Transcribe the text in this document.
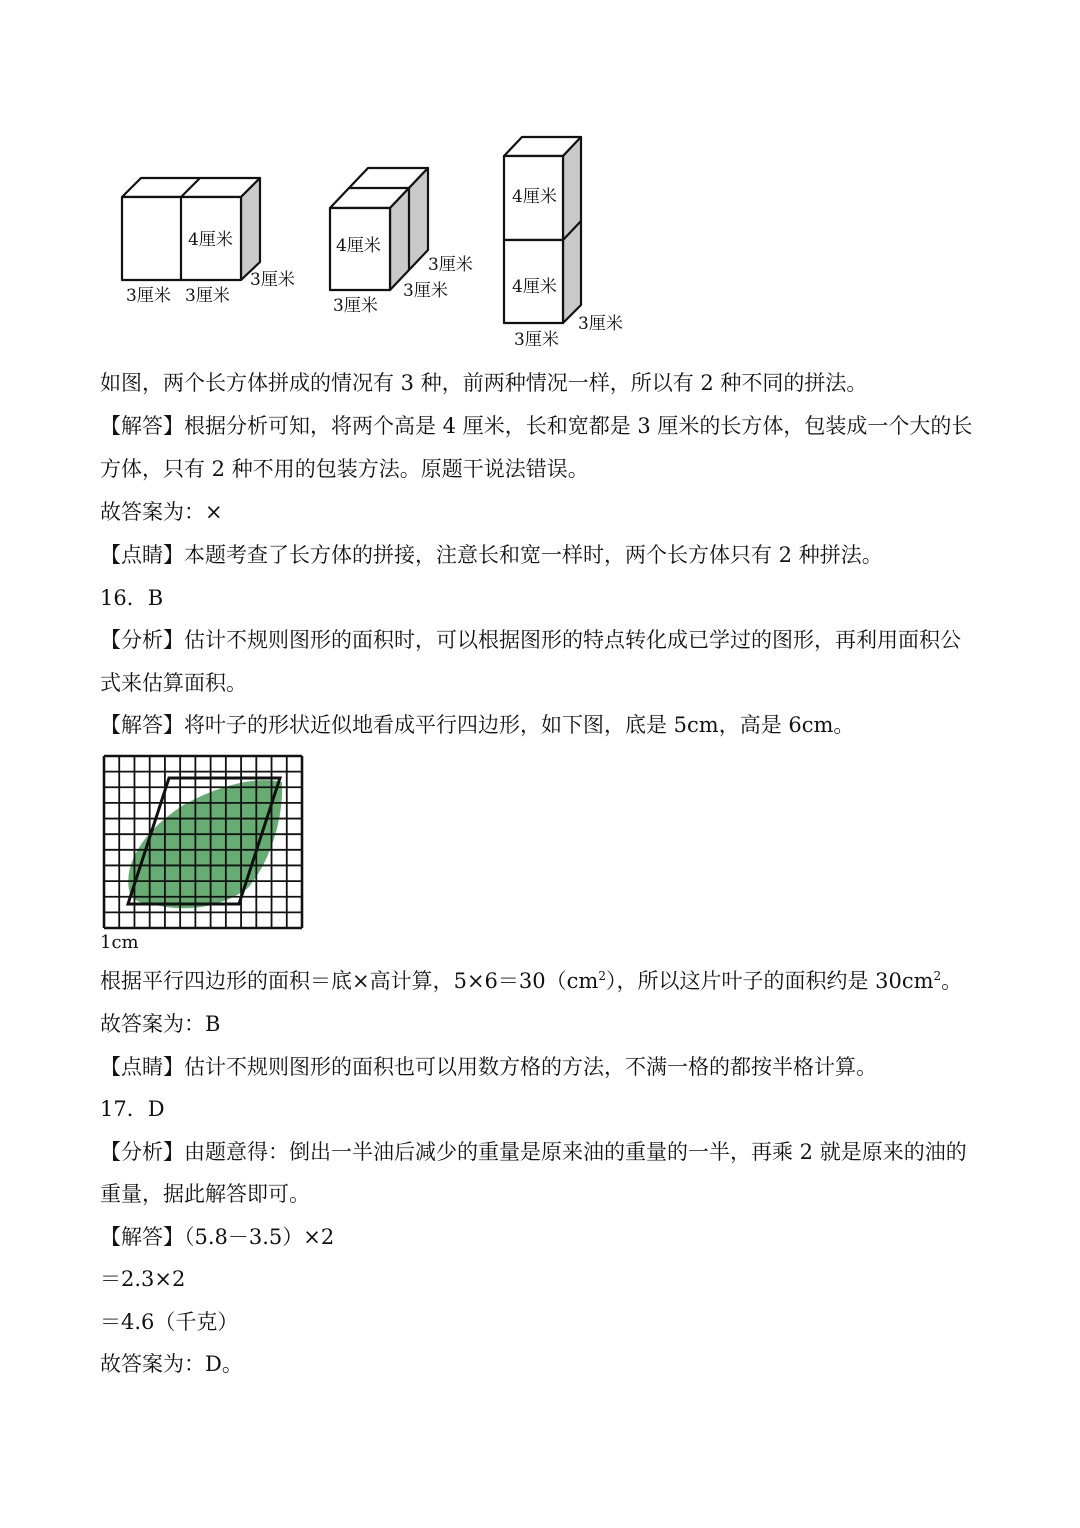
4厘米
3厘米 3厘米
3厘米
4厘米
3厘米
3厘米
3厘米
4厘米
4厘米
3厘米
3厘米

如图，两个长方体拼成的情况有 3 种，前两种情况一样，所以有 2 种不同的拼法。

【解答】根据分析可知，将两个高是 4 厘米，长和宽都是 3 厘米的长方体，包装成一个大的长

方体，只有 2 种不用的包装方法。原题干说法错误。

故答案为：×

【点睛】本题考查了长方体的拼接，注意长和宽一样时，两个长方体只有 2 种拼法。

16．B

【分析】估计不规则图形的面积时，可以根据图形的特点转化成已学过的图形，再利用面积公

式来估算面积。

【解答】将叶子的形状近似地看成平行四边形，如下图，底是 5cm，高是 6cm。

1cm

根据平行四边形的面积＝底×高计算，$5\times 6=30(cm^2)$，所以这片叶子的面积约是 $30cm^2$。

故答案为：B

【点睛】估计不规则图形的面积也可以用数方格的方法，不满一格的都按半格计算。

17．D

【分析】由题意得：倒出一半油后减少的重量是原来油的重量的一半，再乘 2 就是原来的油的

重量，据此解答即可。

【解答】（5.8－3.5）×2

＝2.3×2

＝4.6（千克）

故答案为：D。
